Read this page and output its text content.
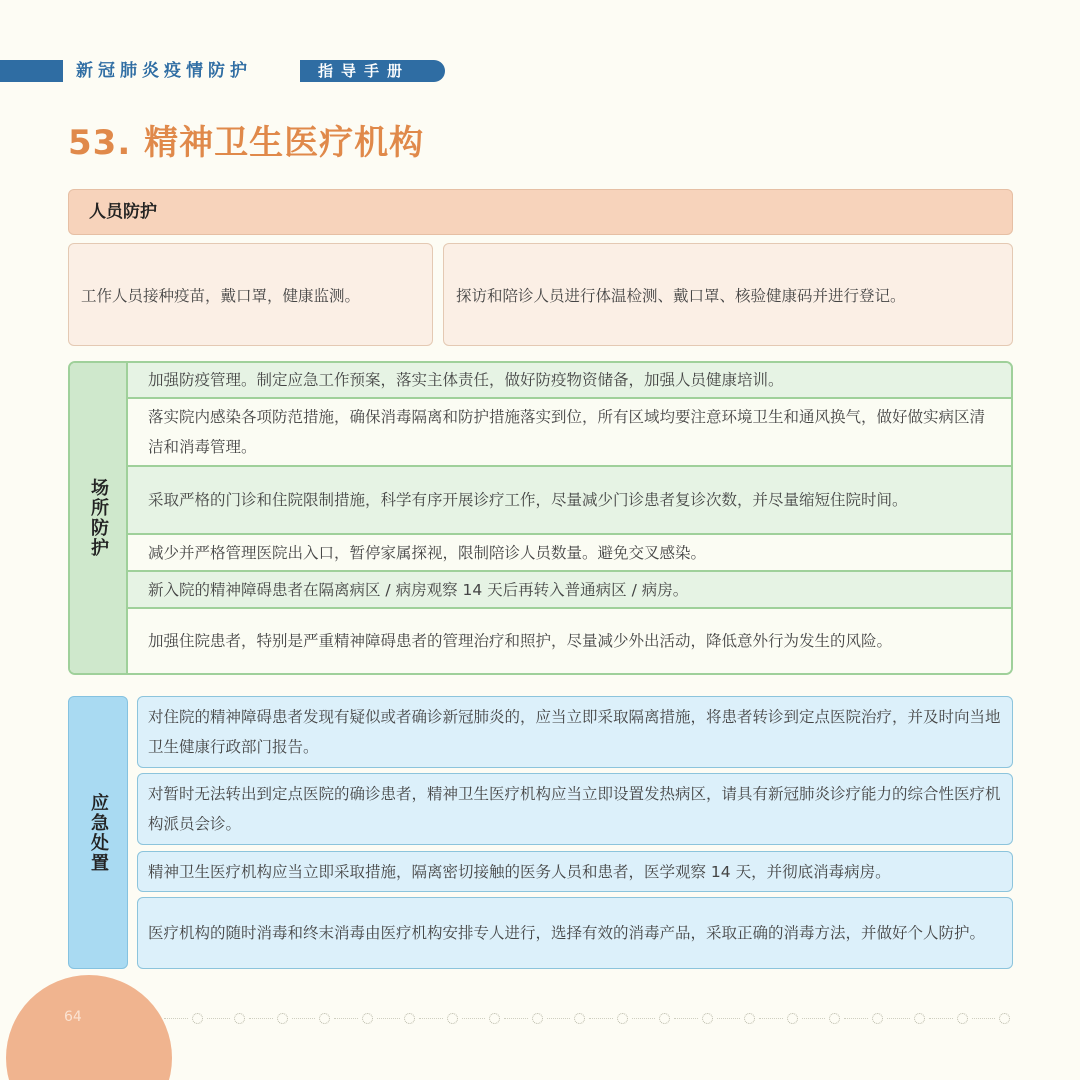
新冠肺炎疫情防护	指导手册
53. 精神卫生医疗机构
人员防护
工作人员接种疫苗，戴口罩，健康监测。	探访和陪诊人员进行体温检测、戴口罩、核验健康码并进行登记。
场所防护
加强防疫管理。制定应急工作预案，落实主体责任，做好防疫物资储备，加强人员健康培训。
落实院内感染各项防范措施，确保消毒隔离和防护措施落实到位，所有区域均要注意环境卫生和通风换气，做好做实病区清洁和消毒管理。
采取严格的门诊和住院限制措施，科学有序开展诊疗工作，尽量减少门诊患者复诊次数，并尽量缩短住院时间。
减少并严格管理医院出入口，暂停家属探视，限制陪诊人员数量。避免交叉感染。
新入院的精神障碍患者在隔离病区 / 病房观察 14 天后再转入普通病区 / 病房。
加强住院患者，特别是严重精神障碍患者的管理治疗和照护，尽量减少外出活动，降低意外行为发生的风险。
应急处置
对住院的精神障碍患者发现有疑似或者确诊新冠肺炎的，应当立即采取隔离措施，将患者转诊到定点医院治疗，并及时向当地卫生健康行政部门报告。
对暂时无法转出到定点医院的确诊患者，精神卫生医疗机构应当立即设置发热病区，请具有新冠肺炎诊疗能力的综合性医疗机构派员会诊。
精神卫生医疗机构应当立即采取措施，隔离密切接触的医务人员和患者，医学观察 14 天，并彻底消毒病房。
医疗机构的随时消毒和终末消毒由医疗机构安排专人进行，选择有效的消毒产品，采取正确的消毒方法，并做好个人防护。
64
